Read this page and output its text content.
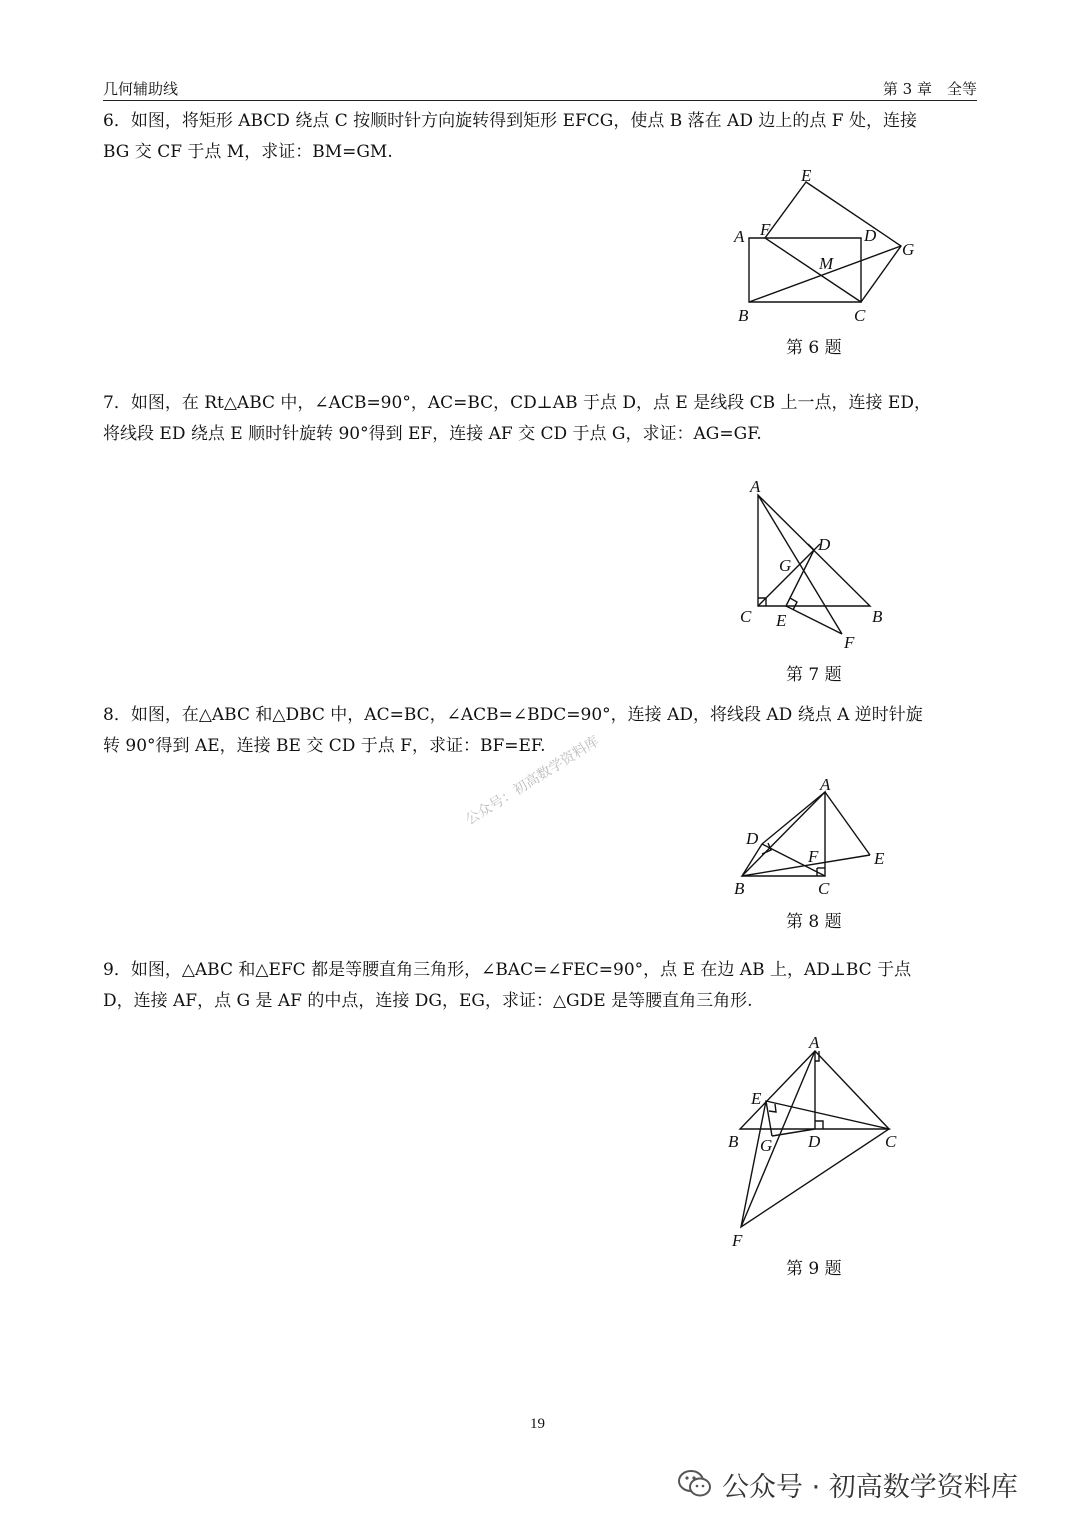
几何辅助线	第 3 章　全等
6．如图，将矩形 ABCD 绕点 C 按顺时针方向旋转得到矩形 EFCG，使点 B 落在 AD 边上的点 F 处，连接
BG 交 CF 于点 M，求证：BM=GM.
A
B	C
D
E
F
G
M
第 6 题
7．如图，在 Rt△ABC 中，∠ACB=90°，AC=BC，CD⊥AB 于点 D，点 E 是线段 CB 上一点，连接 ED，
将线段 ED 绕点 E 顺时针旋转 90°得到 EF，连接 AF 交 CD 于点 G，求证：AG=GF.
A
C	B
D
E
F
G
第 7 题
8．如图，在△ABC 和△DBC 中，AC=BC，∠ACB=∠BDC=90°，连接 AD，将线段 AD 绕点 A 逆时针旋
转 90°得到 AE，连接 BE 交 CD 于点 F，求证：BF=EF.
公众号：初高数学资料库	A
B	C
D
E
F
第 8 题
9．如图，△ABC 和△EFC 都是等腰直角三角形，∠BAC=∠FEC=90°，点 E 在边 AB 上，AD⊥BC 于点
D，连接 AF，点 G 是 AF 的中点，连接 DG，EG，求证：△GDE 是等腰直角三角形.
A
B	C
D
E
F
G
第 9 题
19
公众号 · 初高数学资料库
